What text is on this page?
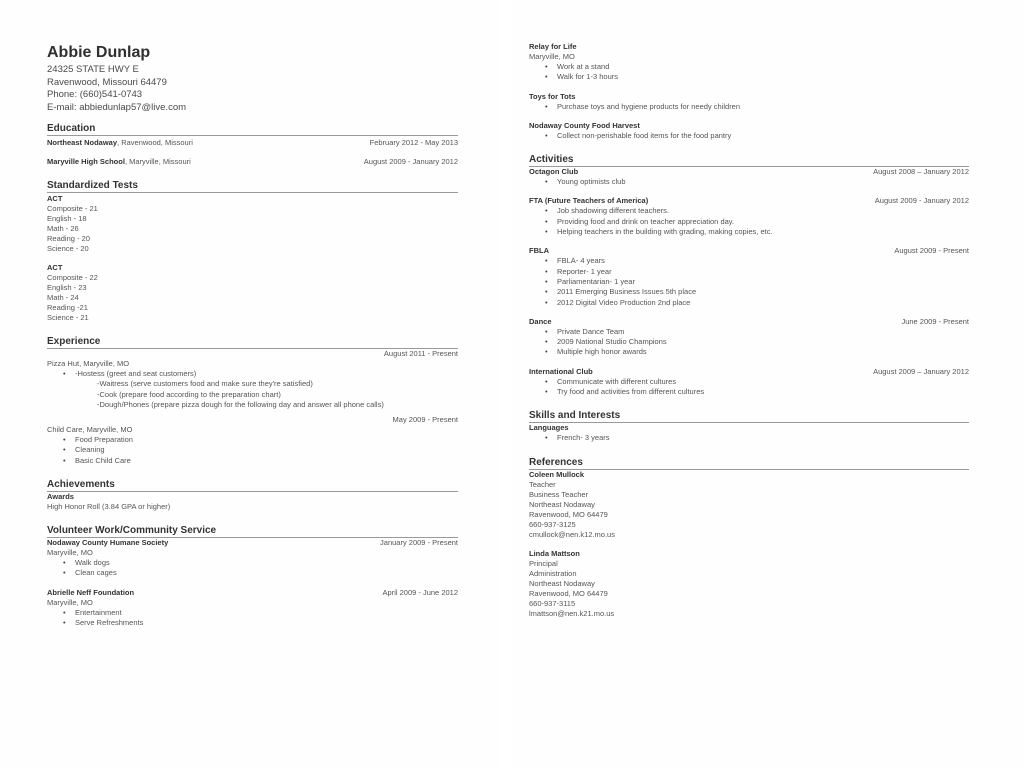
Abbie Dunlap
24325 STATE HWY E
Ravenwood, Missouri 64479
Phone: (660)541-0743
E-mail: abbiedunlap57@live.com
Education
Northeast Nodaway, Ravenwood, Missouri	February 2012 - May 2013
Maryville High School, Maryville, Missouri	August 2009 - January 2012
Standardized Tests
ACT
Composite - 21
English - 18
Math - 26
Reading - 20
Science - 20
ACT
Composite - 22
English - 23
Math - 24
Reading -21
Science - 21
Experience
August 2011 - Present
Pizza Hut, Maryville, MO
• -Hostess (greet and seat customers)
-Waitress (serve customers food and make sure they're satisfied)
-Cook (prepare food according to the preparation chart)
-Dough/Phones (prepare pizza dough for the following day and answer all phone calls)
May 2009 - Present
Child Care, Maryville, MO
• Food Preparation
• Cleaning
• Basic Child Care
Achievements
Awards
High Honor Roll (3.84 GPA or higher)
Volunteer Work/Community Service
Nodaway County Humane Society	January 2009 - Present
Maryville, MO
• Walk dogs
• Clean cages
Abrielle Neff Foundation	April 2009 - June 2012
Maryville, MO
• Entertainment
• Serve Refreshments
Relay for Life
Maryville, MO
• Work at a stand
• Walk for 1-3 hours
Toys for Tots
• Purchase toys and hygiene products for needy children
Nodaway County Food Harvest
• Collect non-perishable food items for the food pantry
Activities
Octagon Club	August 2008 – January 2012
• Young optimists club
FTA (Future Teachers of America)	August 2009 - January 2012
• Job shadowing different teachers.
• Providing food and drink on teacher appreciation day.
• Helping teachers in the building with grading, making copies, etc.
FBLA	August 2009 - Present
• FBLA- 4 years
• Reporter- 1 year
• Parliamentarian- 1 year
• 2011 Emerging Business Issues 5th place
• 2012 Digital Video Production 2nd place
Dance	June 2009 - Present
• Private Dance Team
• 2009 National Studio Champions
• Multiple high honor awards
International Club	August 2009 – January 2012
• Communicate with different cultures
• Try food and activities from different cultures
Skills and Interests
Languages
• French- 3 years
References
Coleen Mullock
Teacher
Business Teacher
Northeast Nodaway
Ravenwood, MO 64479
660-937-3125
cmullock@nen.k12.mo.us
Linda Mattson
Principal
Administration
Northeast Nodaway
Ravenwood, MO 64479
660-937-3115
lmattson@nen.k21.mo.us
